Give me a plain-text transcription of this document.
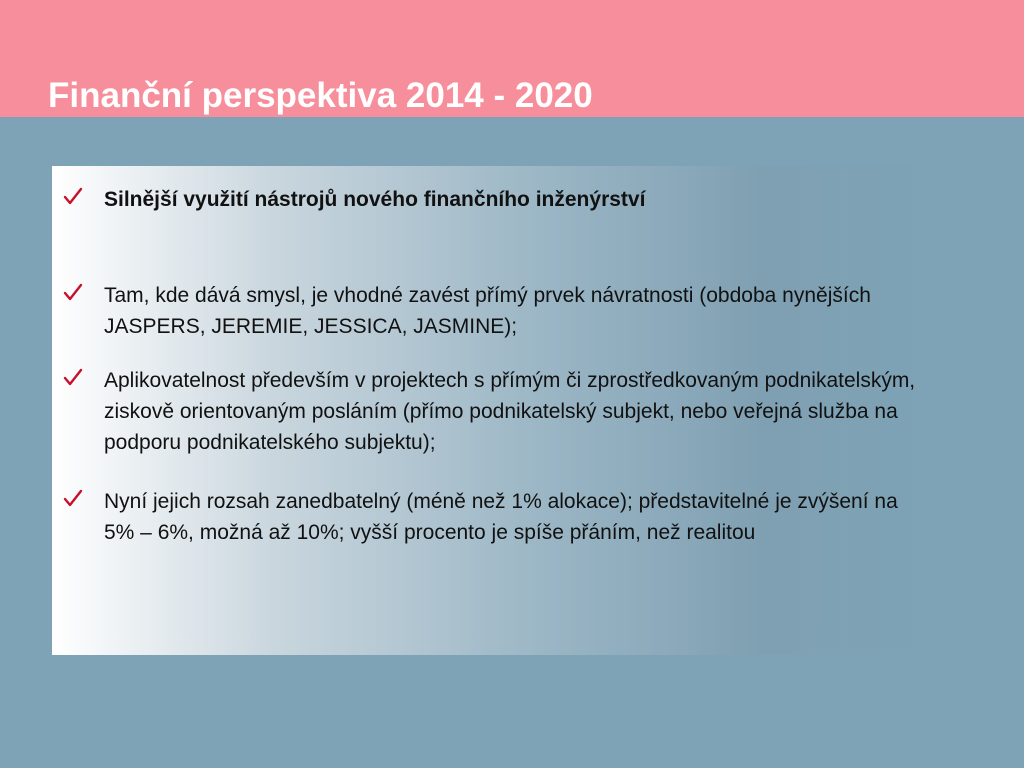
Finanční perspektiva 2014 - 2020
Silnější využití nástrojů nového finančního inženýrství
Tam, kde dává smysl, je vhodné zavést přímý prvek návratnosti (obdoba nynějších JASPERS, JEREMIE, JESSICA, JASMINE);
Aplikovatelnost především v projektech s přímým či zprostředkovaným podnikatelským, ziskově orientovaným posláním (přímo podnikatelský subjekt, nebo veřejná služba na podporu podnikatelského subjektu);
Nyní jejich rozsah zanedbatelný (méně než 1% alokace); představitelné je zvýšení na 5% – 6%, možná až 10%; vyšší procento je spíše přáním, než realitou
